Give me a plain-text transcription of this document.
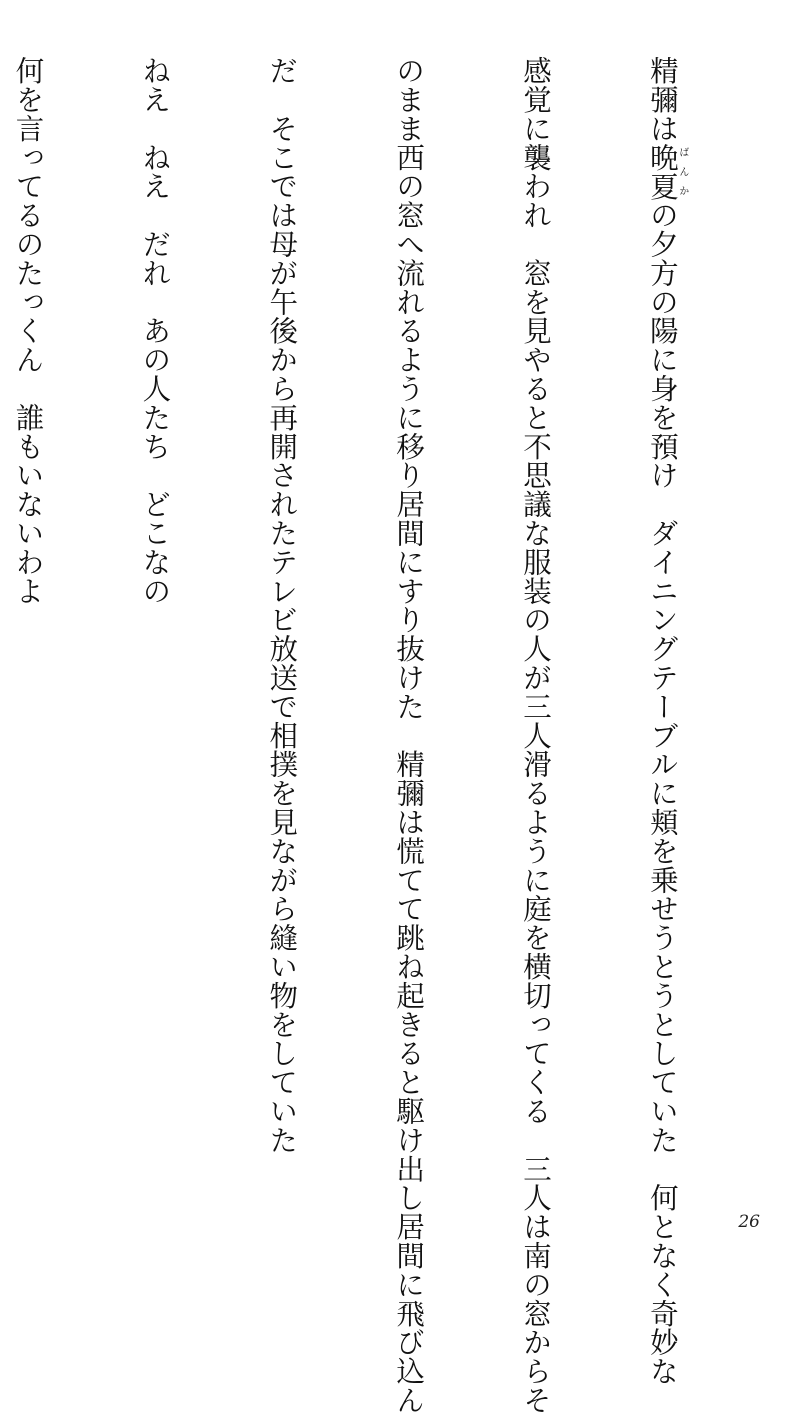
精彌は晩夏ばんかの夕方の陽に身を預け　ダイニングテーブルに頬を乗せうとうとしていた　何となく奇妙な

感覚に襲われ　窓を見やると不思議な服装の人が三人滑るように庭を横切ってくる　三人は南の窓からそ

のまま西の窓へ流れるように移り居間にすり抜けた　精彌は慌てて跳ね起きると駆け出し居間に飛び込ん

だ　そこでは母が午後から再開されたテレビ放送で相撲を見ながら縫い物をしていた

ねえ　ねえ　だれ　あの人たち　どこなの

何を言ってるのたっくん　誰もいないわよ

26
